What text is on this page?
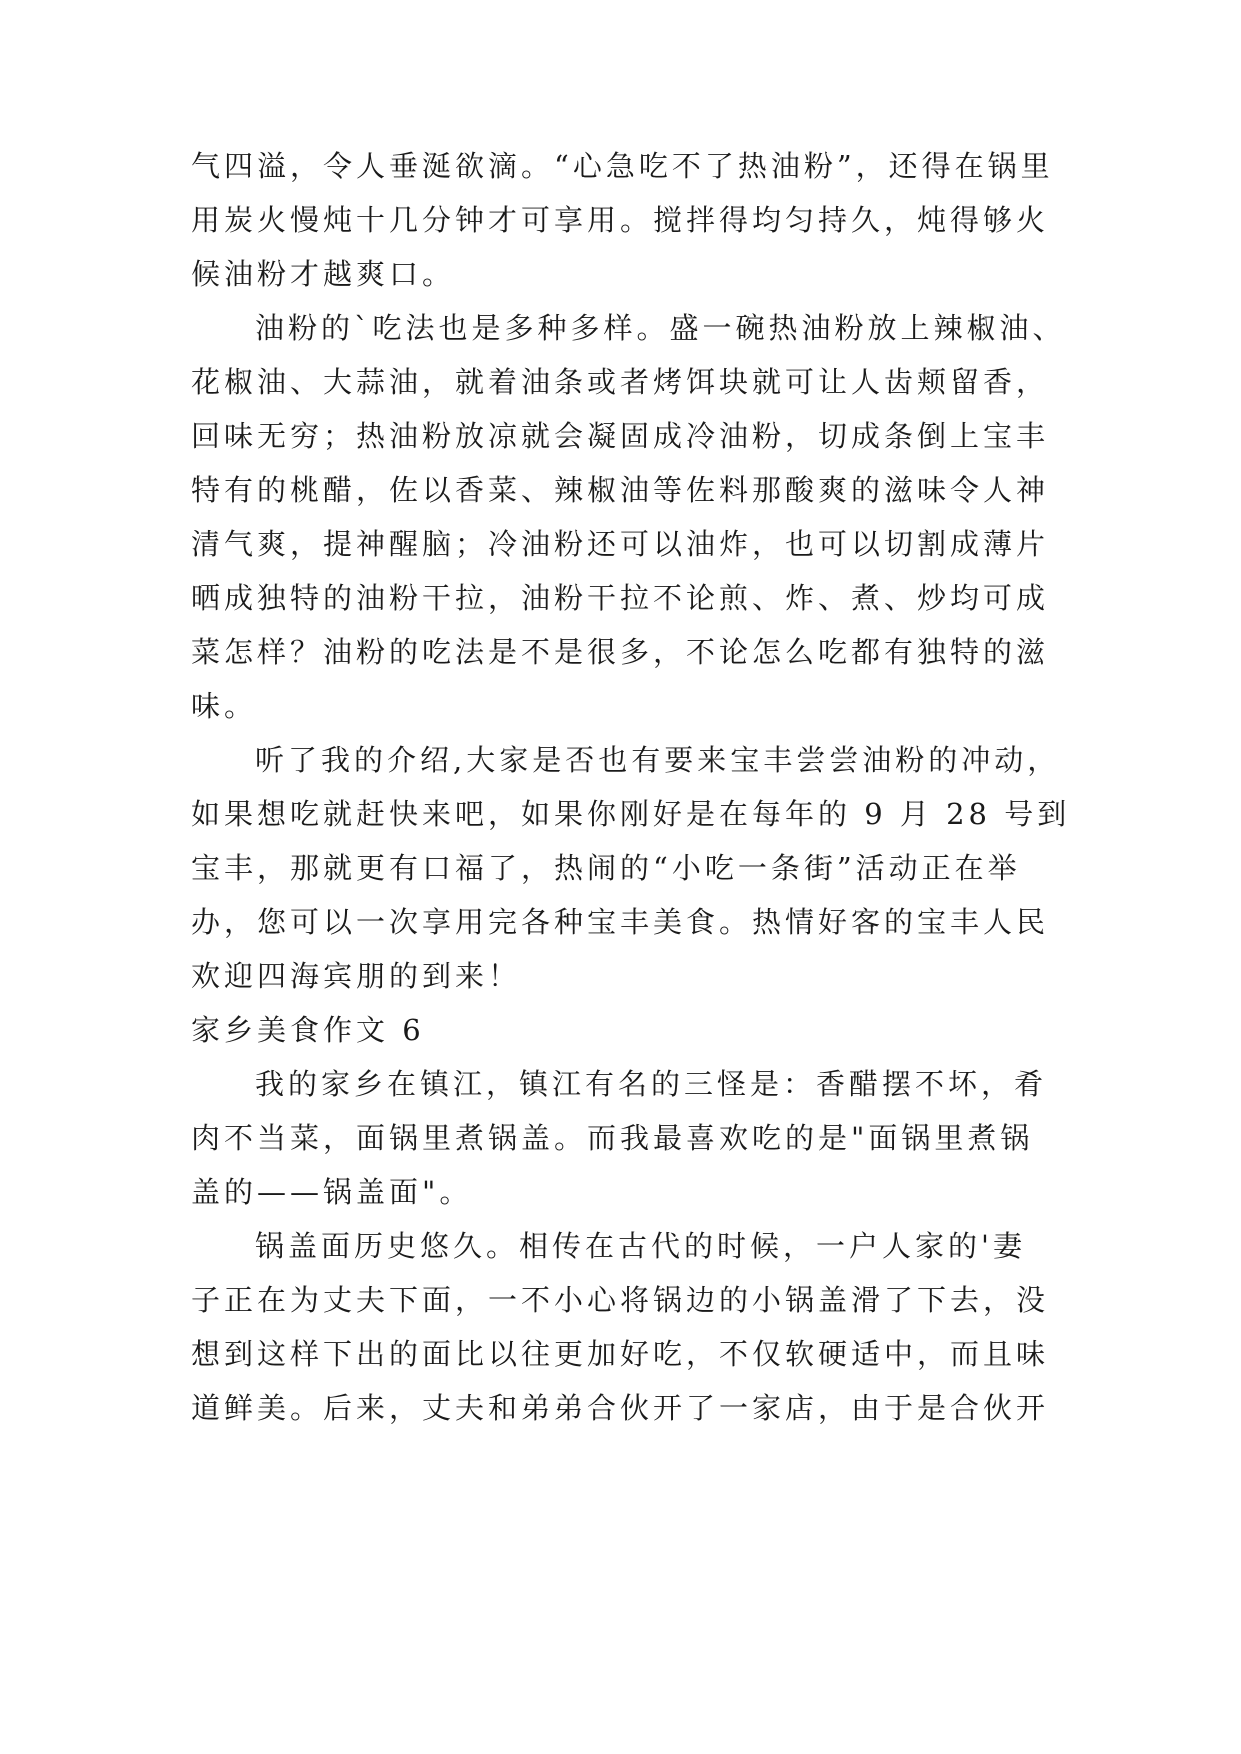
气四溢，令人垂涎欲滴。“心急吃不了热油粉”，还得在锅里
用炭火慢炖十几分钟才可享用。搅拌得均匀持久，炖得够火
候油粉才越爽口。
油粉的`吃法也是多种多样。盛一碗热油粉放上辣椒油、
花椒油、大蒜油，就着油条或者烤饵块就可让人齿颊留香，
回味无穷；热油粉放凉就会凝固成冷油粉，切成条倒上宝丰
特有的桃醋，佐以香菜、辣椒油等佐料那酸爽的滋味令人神
清气爽，提神醒脑；冷油粉还可以油炸，也可以切割成薄片
晒成独特的油粉干拉，油粉干拉不论煎、炸、煮、炒均可成
菜怎样？油粉的吃法是不是很多，不论怎么吃都有独特的滋
味。
听了我的介绍,大家是否也有要来宝丰尝尝油粉的冲动，
如果想吃就赶快来吧，如果你刚好是在每年的 9 月 28 号到
宝丰，那就更有口福了，热闹的“小吃一条街”活动正在举
办，您可以一次享用完各种宝丰美食。热情好客的宝丰人民
欢迎四海宾朋的到来！
家乡美食作文 6
我的家乡在镇江，镇江有名的三怪是：香醋摆不坏，肴
肉不当菜，面锅里煮锅盖。而我最喜欢吃的是"面锅里煮锅
盖的——锅盖面"。
锅盖面历史悠久。相传在古代的时候，一户人家的'妻
子正在为丈夫下面，一不小心将锅边的小锅盖滑了下去，没
想到这样下出的面比以往更加好吃，不仅软硬适中，而且味
道鲜美。后来，丈夫和弟弟合伙开了一家店，由于是合伙开
